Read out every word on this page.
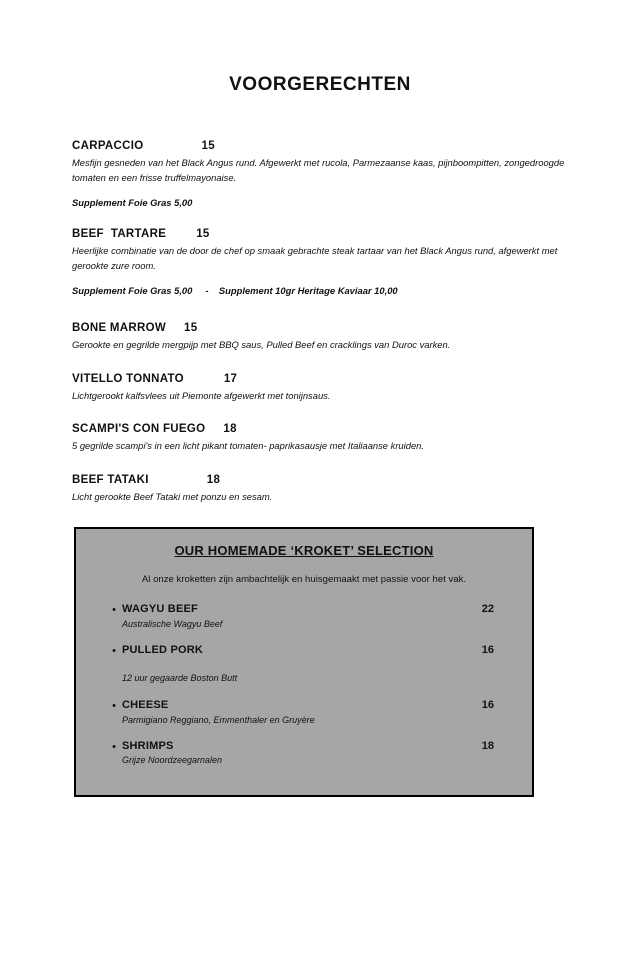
VOORGERECHTEN
CARPACCIO	15

Mesfijn gesneden van het Black Angus rund. Afgewerkt met rucola, Parmezaanse kaas, pijnboompitten, zongedroogde tomaten en een frisse truffelmayonaise.

Supplement Foie Gras 5,00
BEEF  TARTARE	15

Heerlijke combinatie van de door de chef op smaak gebrachte steak tartaar van het Black Angus rund, afgewerkt met gerookte zure room.

Supplement Foie Gras 5,00     -    Supplement 10gr Heritage Kaviaar 10,00
BONE MARROW 15

Gerookte en gegrilde mergpijp met BBQ saus, Pulled Beef en cracklings van Duroc varken.

VITELLO TONNATO	17

Lichtgerookt kalfsvlees uit Piemonte afgewerkt met tonijnsaus.

SCAMPI'S CON FUEGO 18

5 gegrilde scampi's in een licht pikant tomaten- paprikasausje met Italiaanse kruiden.

BEEF TATAKI	18

Licht gerookte Beef Tataki met ponzu en sesam.

OUR HOMEMADE ‘KROKET’ SELECTION
Al onze kroketten zijn ambachtelijk en huisgemaakt met passie voor het vak.
• WAGYU BEEF	22
Australische Wagyu Beef
• PULLED PORK	16
12 uur gegaarde Boston Butt
• CHEESE	16
Parmigiano Reggiano, Emmenthaler en Gruyère
• SHRIMPS	18
Grijze Noordzeegarnalen
